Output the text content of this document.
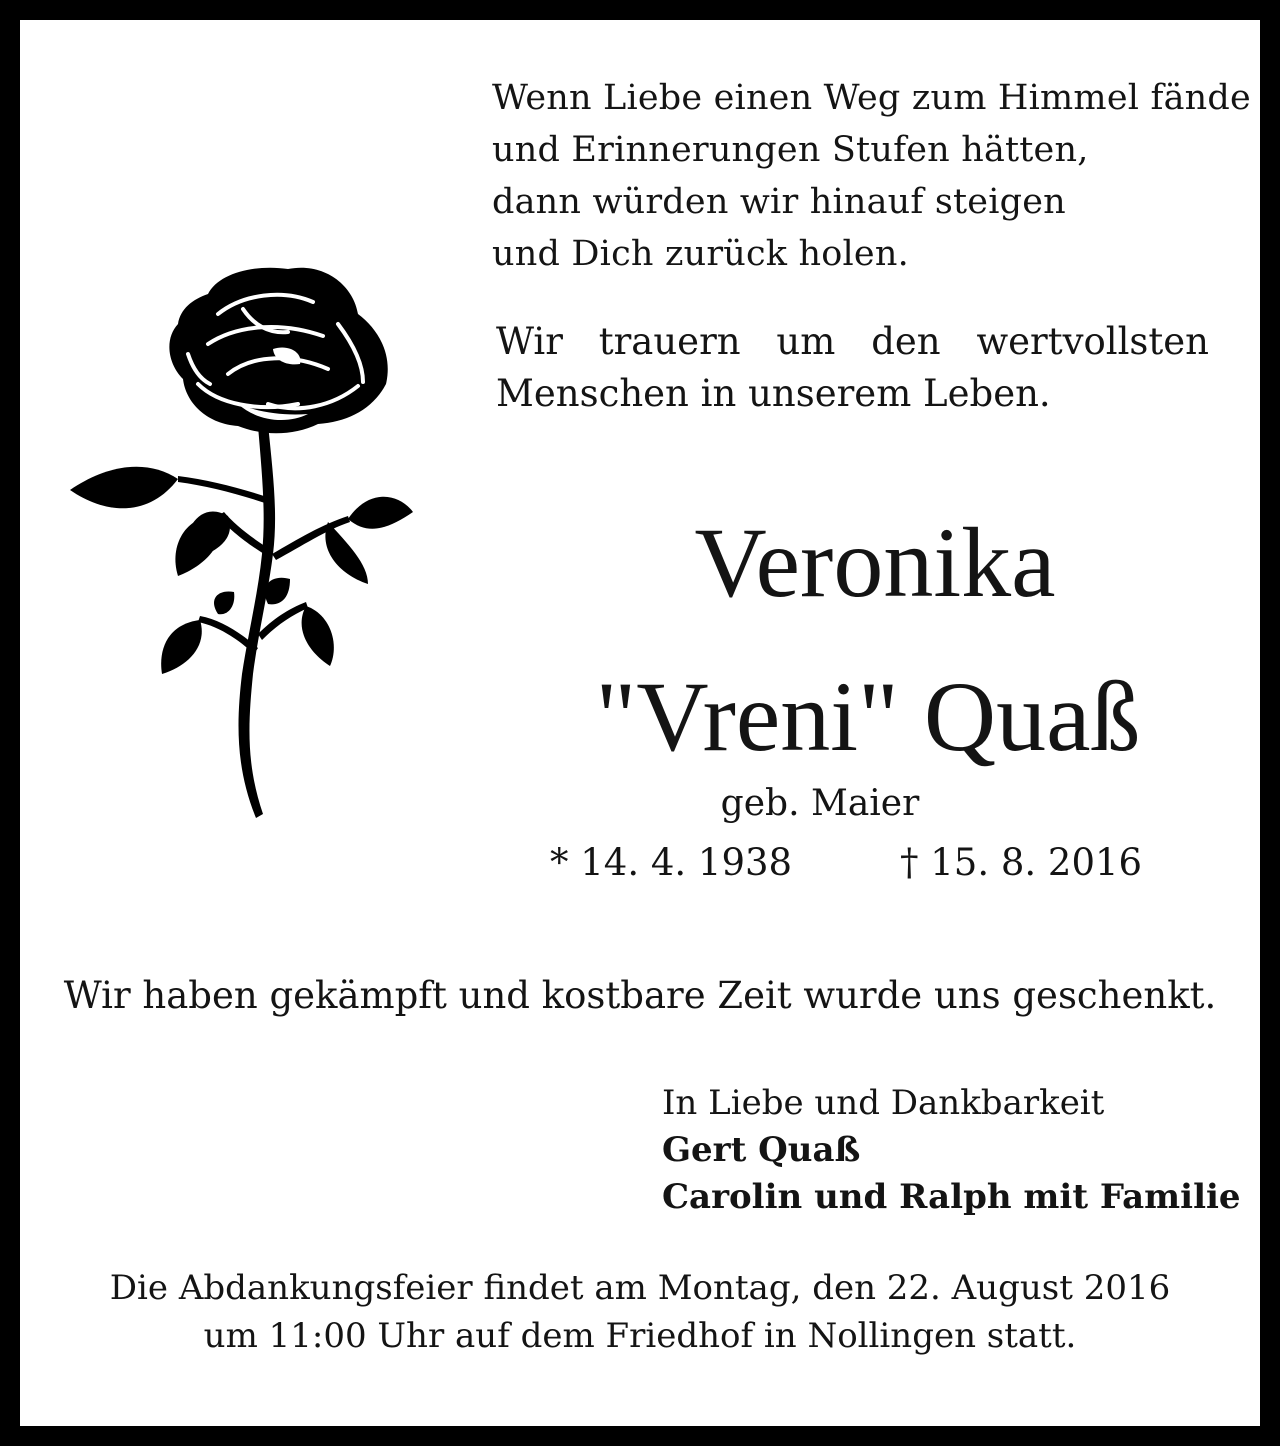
Wenn Liebe einen Weg zum Himmel fände
und Erinnerungen Stufen hätten,
dann würden wir hinauf steigen
und Dich zurück holen.
Wir trauern um den wertvollsten
Menschen in unserem Leben.
Veronika
"Vreni" Quaß
geb. Maier
* 14. 4. 1938	† 15. 8. 2016
Wir haben gekämpft und kostbare Zeit wurde uns geschenkt.
In Liebe und Dankbarkeit
Gert Quaß
Carolin und Ralph mit Familie
Die Abdankungsfeier findet am Montag, den 22. August 2016
um 11:00 Uhr auf dem Friedhof in Nollingen statt.
